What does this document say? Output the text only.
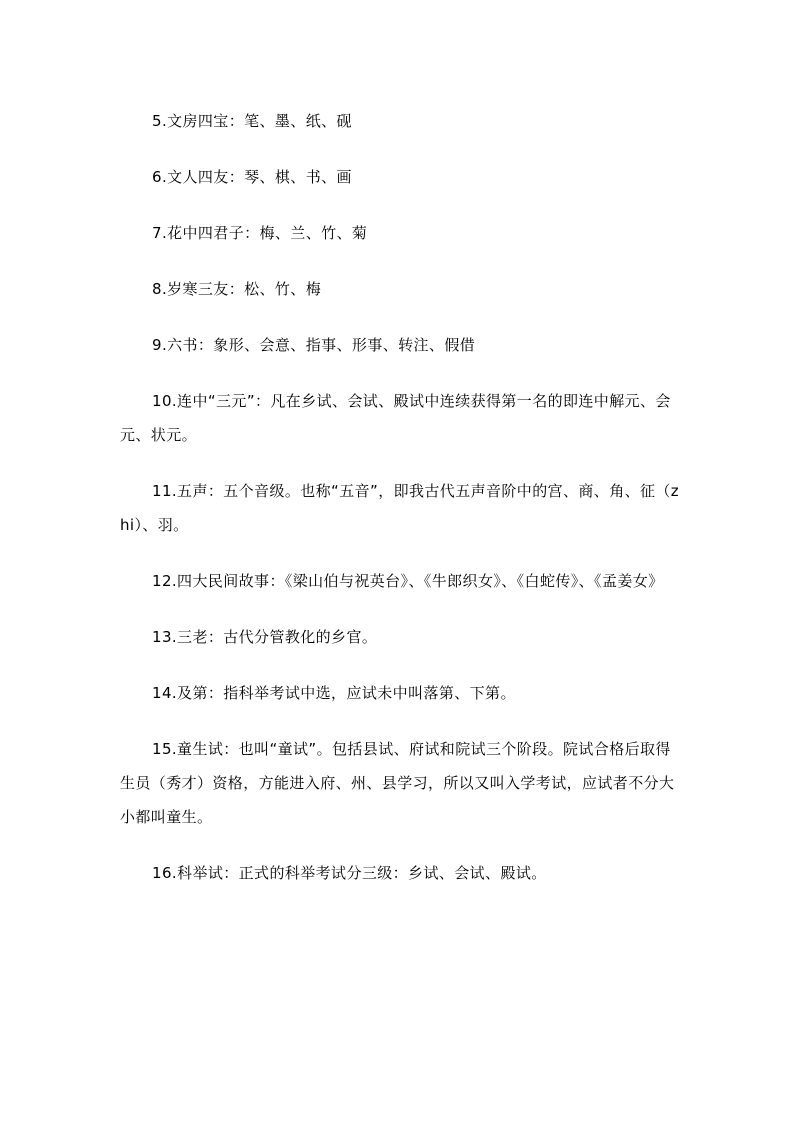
5.文房四宝：笔、墨、纸、砚

6.文人四友：琴、棋、书、画

7.花中四君子：梅、兰、竹、菊

8.岁寒三友：松、竹、梅

9.六书：象形、会意、指事、形事、转注、假借

10.连中“三元”：凡在乡试、会试、殿试中连续获得第一名的即连中解元、会元、状元。

11.五声：五个音级。也称“五音”，即我古代五声音阶中的宫、商、角、征（zhi）、羽。

12.四大民间故事：《梁山伯与祝英台》、《牛郎织女》、《白蛇传》、《孟姜女》

13.三老：古代分管教化的乡官。

14.及第：指科举考试中选，应试未中叫落第、下第。

15.童生试：也叫“童试”。包括县试、府试和院试三个阶段。院试合格后取得生员（秀才）资格，方能进入府、州、县学习，所以又叫入学考试，应试者不分大小都叫童生。

16.科举试：正式的科举考试分三级：乡试、会试、殿试。
